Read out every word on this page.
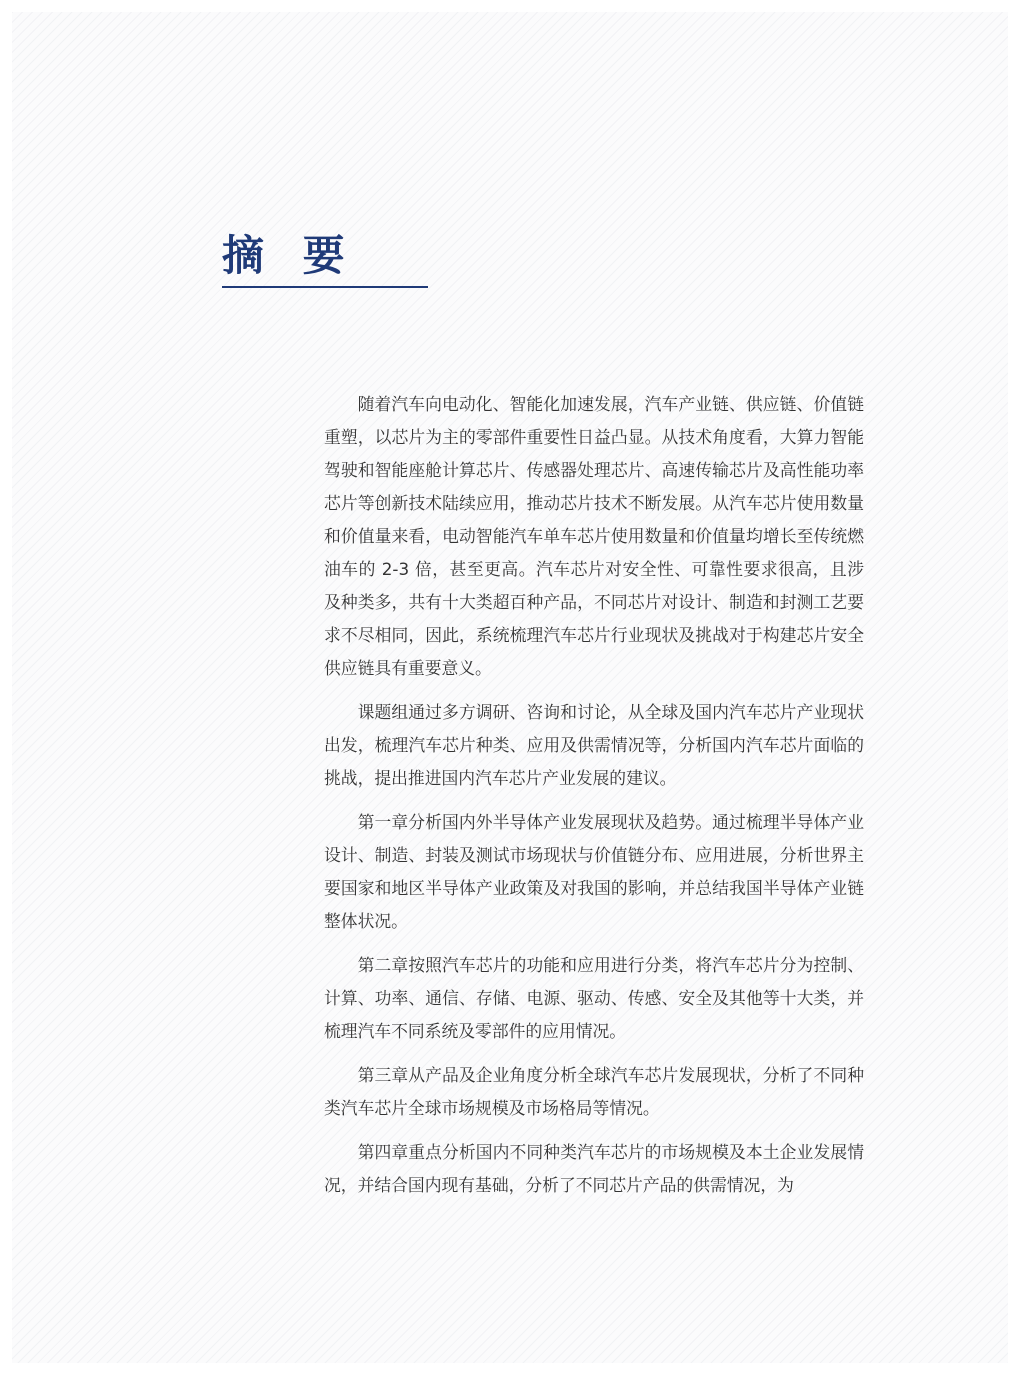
摘 要

随着汽车向电动化、智能化加速发展，汽车产业链、供应链、价值链重塑，以芯片为主的零部件重要性日益凸显。从技术角度看，大算力智能驾驶和智能座舱计算芯片、传感器处理芯片、高速传输芯片及高性能功率芯片等创新技术陆续应用，推动芯片技术不断发展。从汽车芯片使用数量和价值量来看，电动智能汽车单车芯片使用数量和价值量均增长至传统燃油车的 2-3 倍，甚至更高。汽车芯片对安全性、可靠性要求很高，且涉及种类多，共有十大类超百种产品，不同芯片对设计、制造和封测工艺要求不尽相同，因此，系统梳理汽车芯片行业现状及挑战对于构建芯片安全供应链具有重要意义。

课题组通过多方调研、咨询和讨论，从全球及国内汽车芯片产业现状出发，梳理汽车芯片种类、应用及供需情况等，分析国内汽车芯片面临的挑战，提出推进国内汽车芯片产业发展的建议。

第一章分析国内外半导体产业发展现状及趋势。通过梳理半导体产业设计、制造、封装及测试市场现状与价值链分布、应用进展，分析世界主要国家和地区半导体产业政策及对我国的影响，并总结我国半导体产业链整体状况。

第二章按照汽车芯片的功能和应用进行分类，将汽车芯片分为控制、计算、功率、通信、存储、电源、驱动、传感、安全及其他等十大类，并梳理汽车不同系统及零部件的应用情况。

第三章从产品及企业角度分析全球汽车芯片发展现状，分析了不同种类汽车芯片全球市场规模及市场格局等情况。

第四章重点分析国内不同种类汽车芯片的市场规模及本土企业发展情况，并结合国内现有基础，分析了不同芯片产品的供需情况，为
